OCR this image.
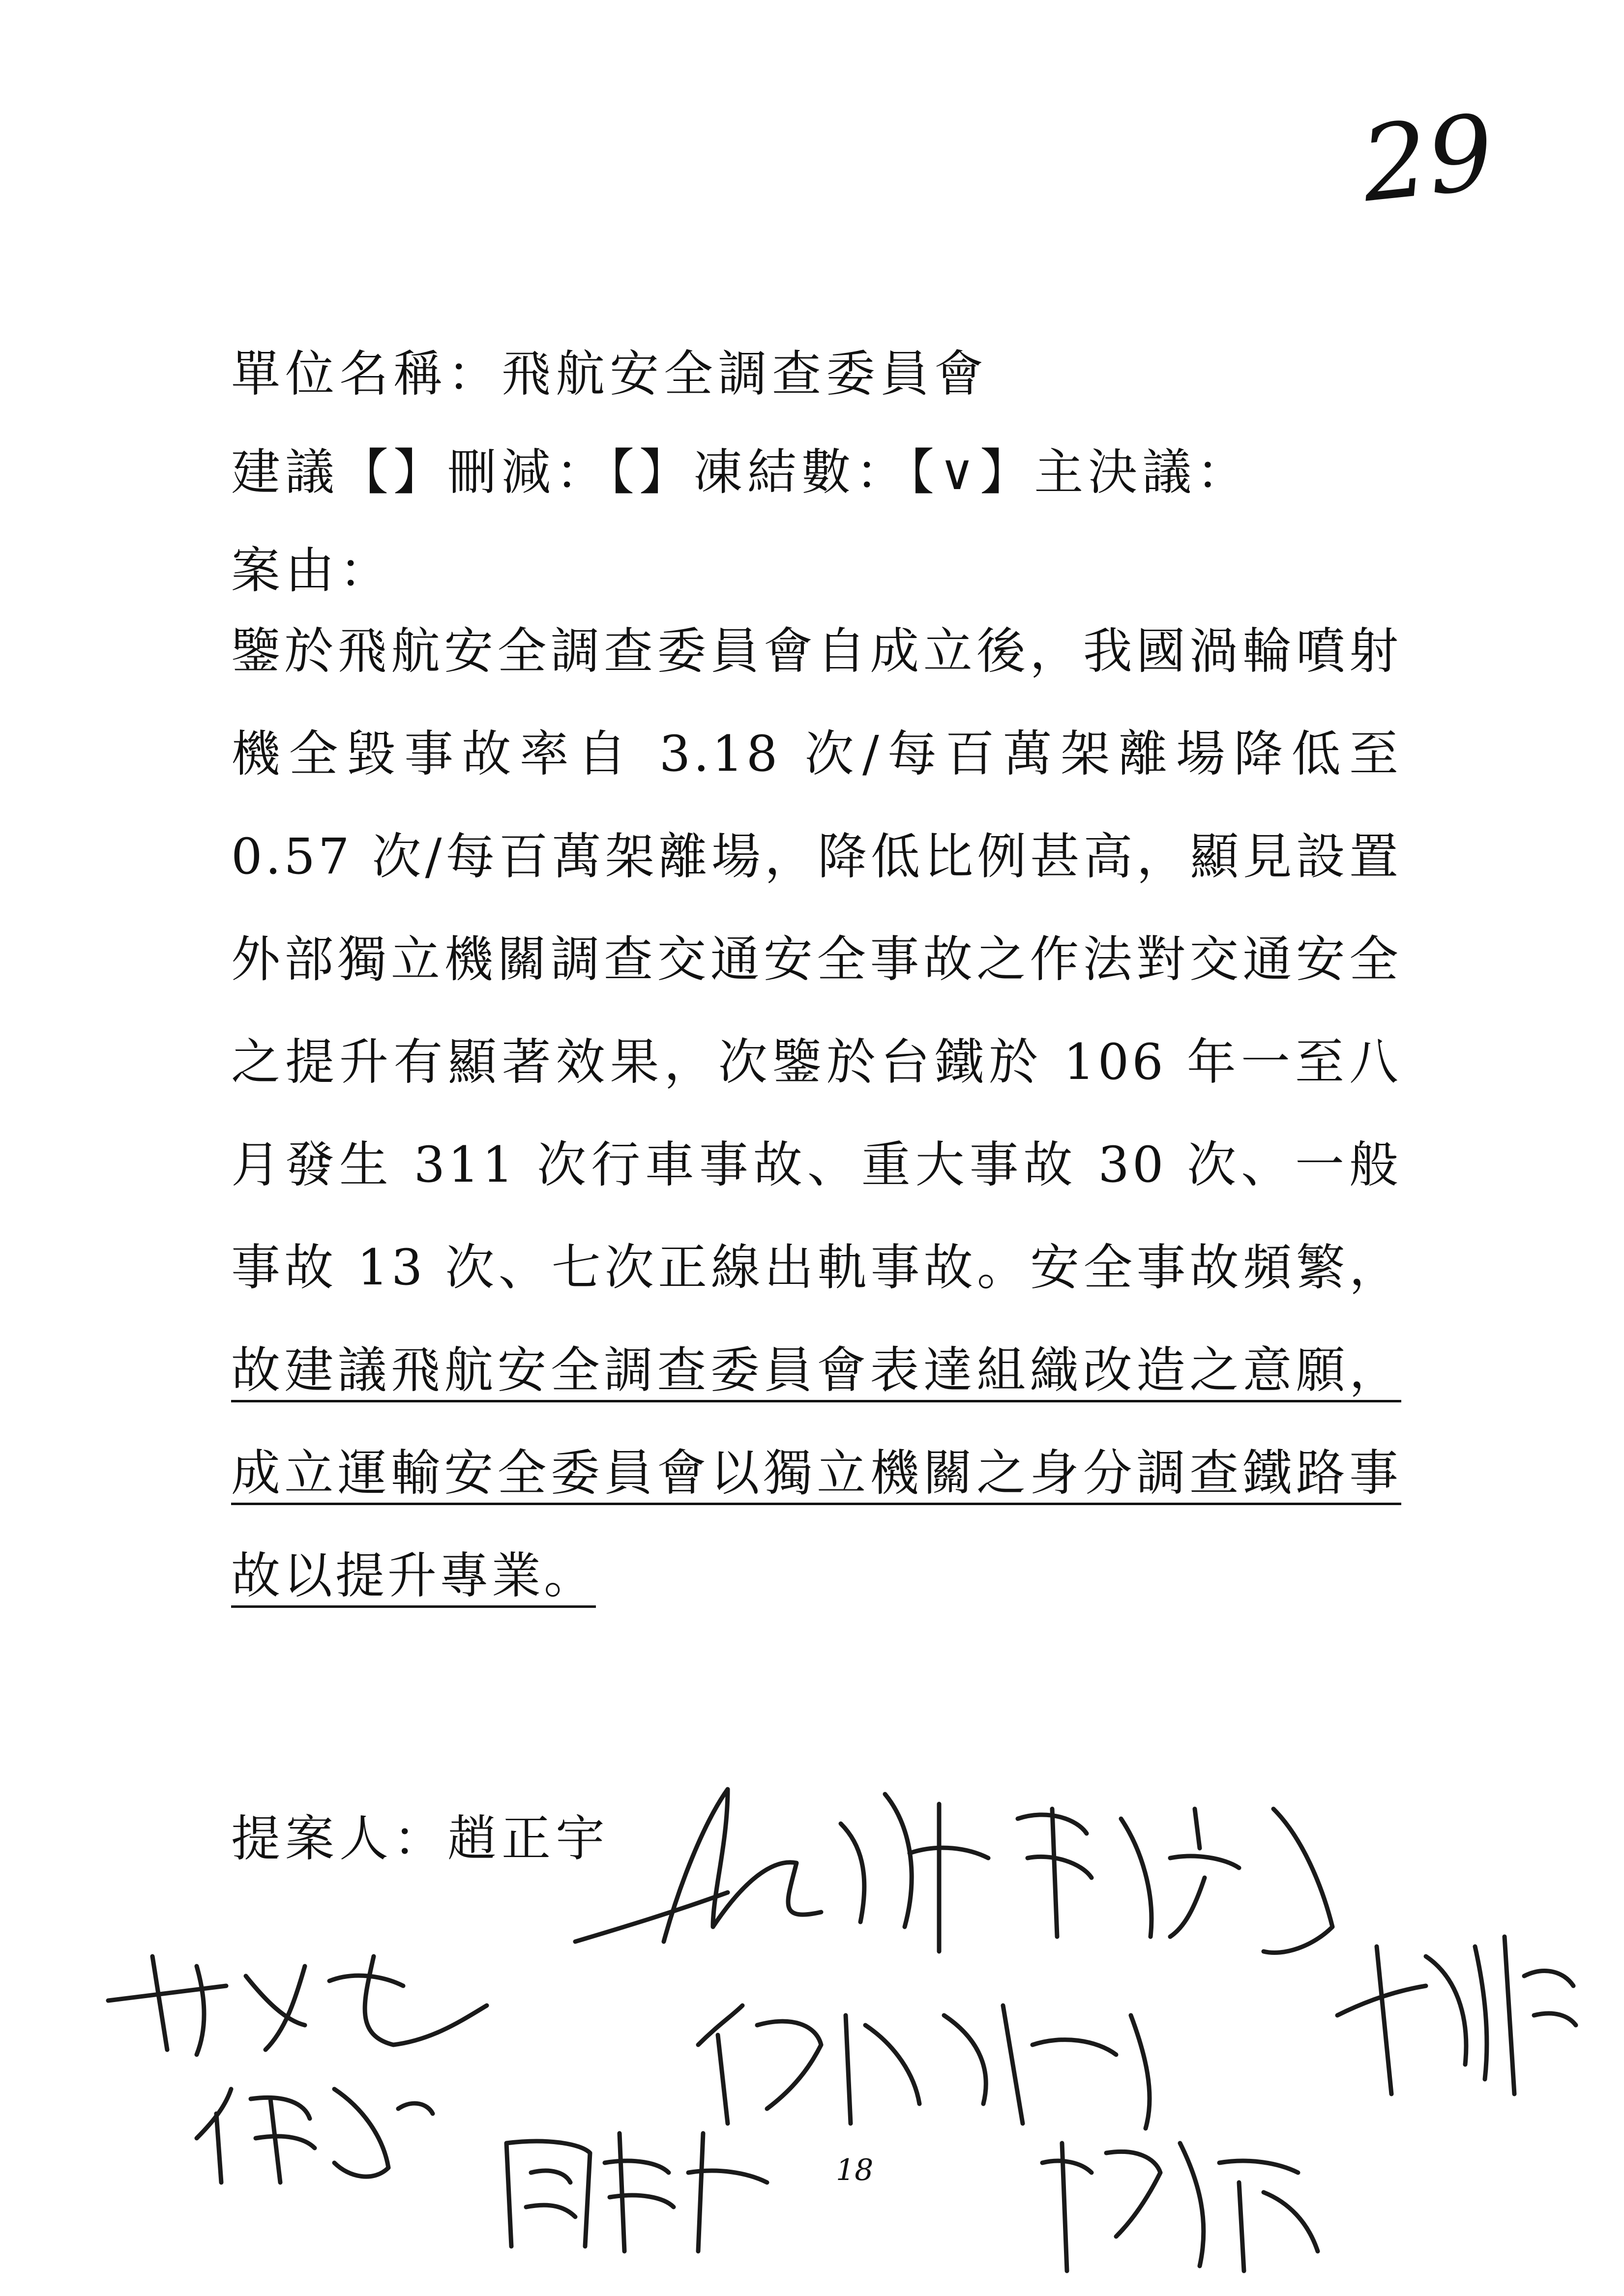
29
單位名稱：飛航安全調查委員會
建議【】刪減：【】凍結數：【∨】主決議：
案由：
鑒於飛航安全調查委員會自成立後，我國渦輪噴射機全毀事故率自 3.18 次/每百萬架離場降低至 0.57 次/每百萬架離場，降低比例甚高，顯見設置外部獨立機關調查交通安全事故之作法對交通安全之提升有顯著效果，次鑒於台鐵於 106 年一至八月發生 311 次行車事故、重大事故 30 次、一般事故 13 次、七次正線出軌事故。安全事故頻繁，故建議飛航安全調查委員會表達組織改造之意願，成立運輸安全委員會以獨立機關之身分調查鐵路事故以提升專業。
提案人：趙正宇
18
